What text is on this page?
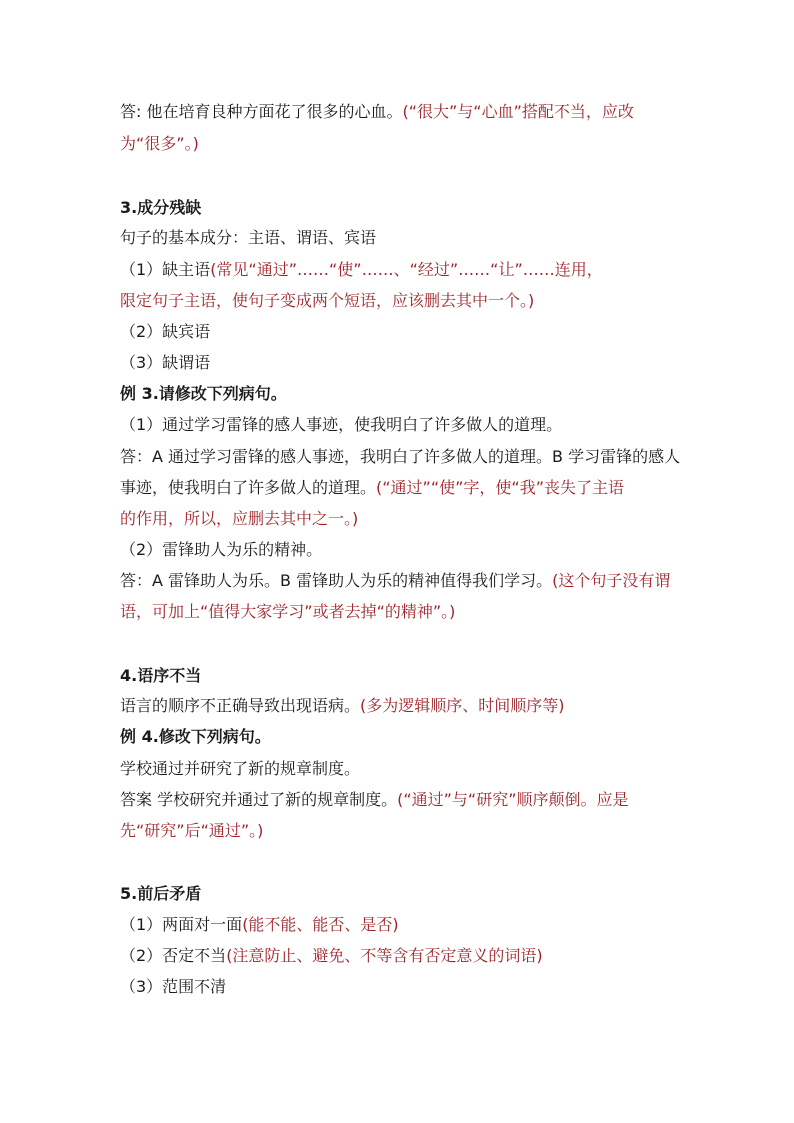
答: 他在培育良种方面花了很多的心血。(“很大”与“心血”搭配不当，应改
为“很多”。)
3.成分残缺
句子的基本成分：主语、谓语、宾语
（1）缺主语(常见“通过”……“使”……、“经过”……“让”……连用，
限定句子主语，使句子变成两个短语，应该删去其中一个。)
（2）缺宾语
（3）缺谓语
例 3.请修改下列病句。
（1）通过学习雷锋的感人事迹，使我明白了许多做人的道理。
答：A 通过学习雷锋的感人事迹，我明白了许多做人的道理。B 学习雷锋的感人
事迹，使我明白了许多做人的道理。(“通过”“使”字，使“我”丧失了主语
的作用，所以，应删去其中之一。)
（2）雷锋助人为乐的精神。
答：A 雷锋助人为乐。B 雷锋助人为乐的精神值得我们学习。(这个句子没有谓
语，可加上“值得大家学习”或者去掉“的精神”。)
4.语序不当
语言的顺序不正确导致出现语病。(多为逻辑顺序、时间顺序等)
例 4.修改下列病句。
学校通过并研究了新的规章制度。
答案 学校研究并通过了新的规章制度。(“通过”与“研究”顺序颠倒。应是
先“研究”后“通过”。)
5.前后矛盾
（1）两面对一面(能不能、能否、是否)
（2）否定不当(注意防止、避免、不等含有否定意义的词语)
（3）范围不清
